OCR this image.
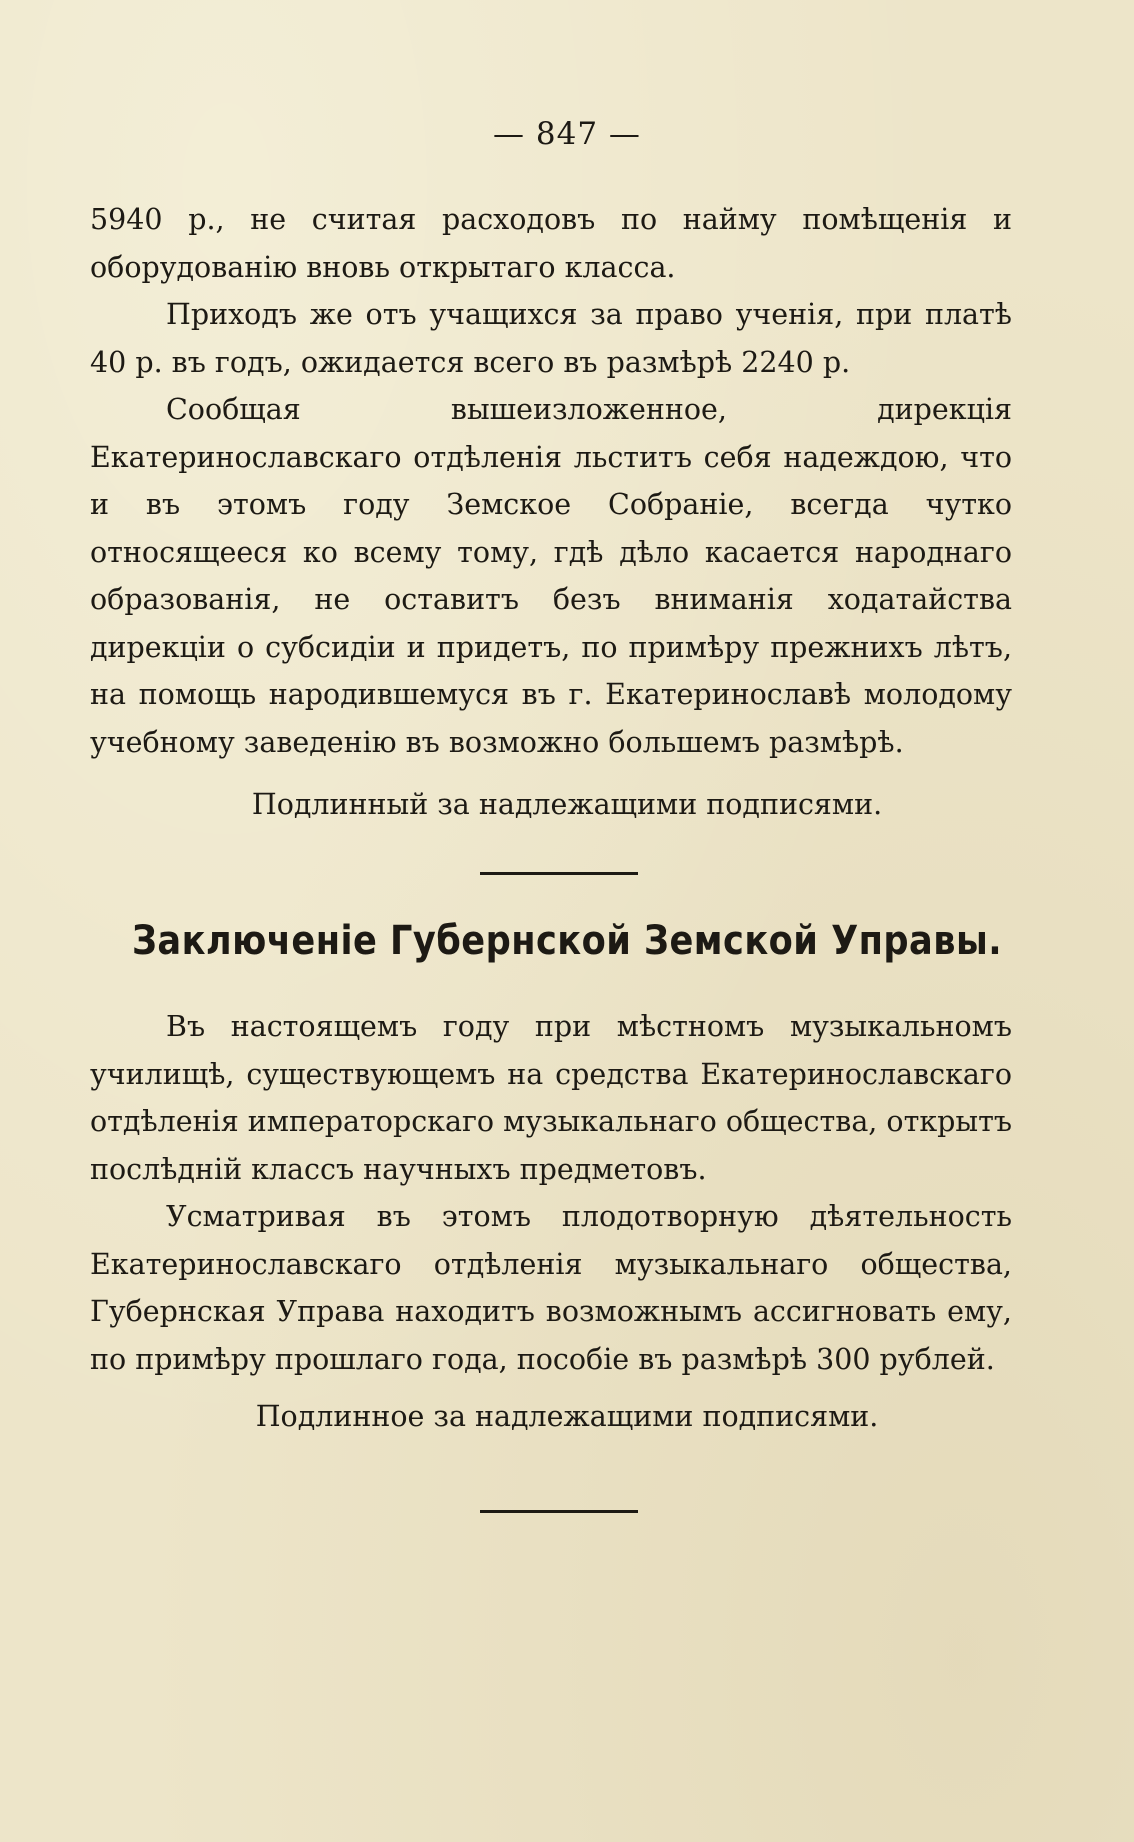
— 847 —

5940 р., не считая расходовъ по найму помѣщенія и оборудованію вновь открытаго класса.

Приходъ же отъ учащихся за право ученія, при платѣ 40 р. въ годъ, ожидается всего въ размѣрѣ 2240 р.

Сообщая вышеизложенное, дирекція Екатеринославскаго отдѣленія льститъ себя надеждою, что и въ этомъ году Земское Собраніе, всегда чутко относящееся ко всему тому, гдѣ дѣло касается народнаго образованія, не оставитъ безъ вниманія ходатайства дирекціи о субсидіи и придетъ, по примѣру прежнихъ лѣтъ, на помощь народившемуся въ г. Екатеринославѣ молодому учебному заведенію въ возможно большемъ размѣрѣ.

Подлинный за надлежащими подписями.
Заключеніе Губернской Земской Управы.

Въ настоящемъ году при мѣстномъ музыкальномъ училищѣ, существующемъ на средства Екатеринославскаго отдѣленія императорскаго музыкальнаго общества, открытъ послѣдній классъ научныхъ предметовъ.

Усматривая въ этомъ плодотворную дѣятельность Екатеринославскаго отдѣленія музыкальнаго общества, Губернская Управа находитъ возможнымъ ассигновать ему, по примѣру прошлаго года, пособіе въ размѣрѣ 300 рублей.

Подлинное за надлежащими подписями.
